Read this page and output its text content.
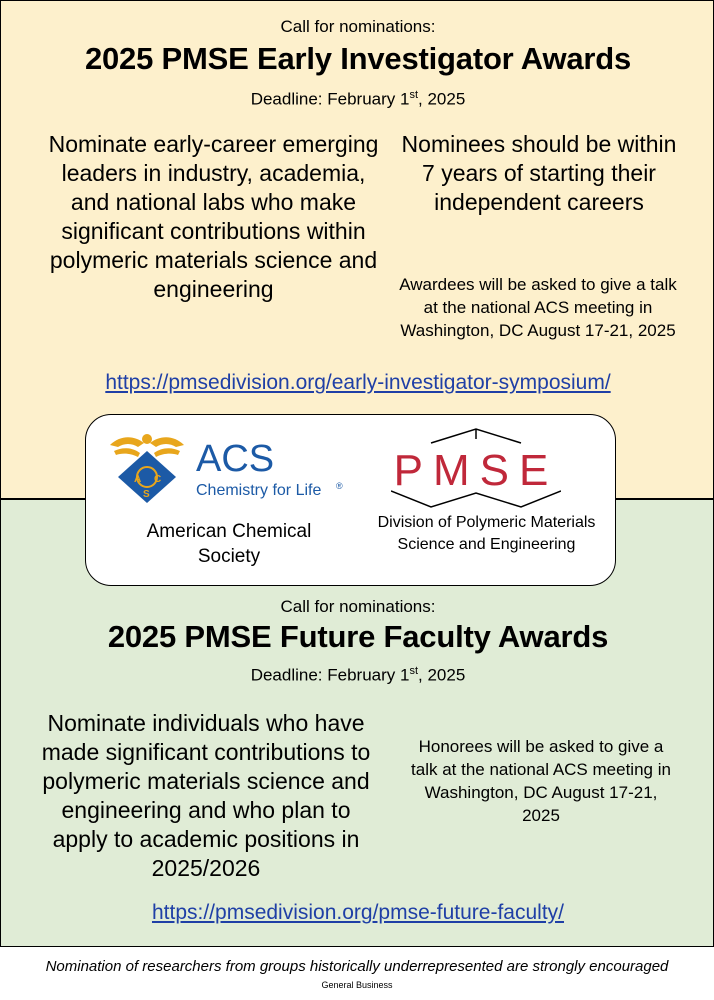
Call for nominations:

2025 PMSE Early Investigator Awards

Deadline: February 1st, 2025

Nominate early-career emerging leaders in industry, academia, and national labs who make significant contributions within polymeric materials science and engineering

Nominees should be within 7 years of starting their independent careers

Awardees will be asked to give a talk at the national ACS meeting in Washington, DC August 17-21, 2025

https://pmsedivision.org/early-investigator-symposium/

Call for nominations:

2025 PMSE Future Faculty Awards

Deadline: February 1st, 2025

Nominate individuals who have made significant contributions to polymeric materials science and engineering and who plan to apply to academic positions in 2025/2026

Honorees will be asked to give a talk at the national ACS meeting in Washington, DC August 17-21, 2025

https://pmsedivision.org/pmse-future-faculty/
A C
S
ACS
Chemistry for Life ®

American Chemical Society

PMSE

Division of Polymeric Materials Science and Engineering

Nomination of researchers from groups historically underrepresented are strongly encouraged

General Business
